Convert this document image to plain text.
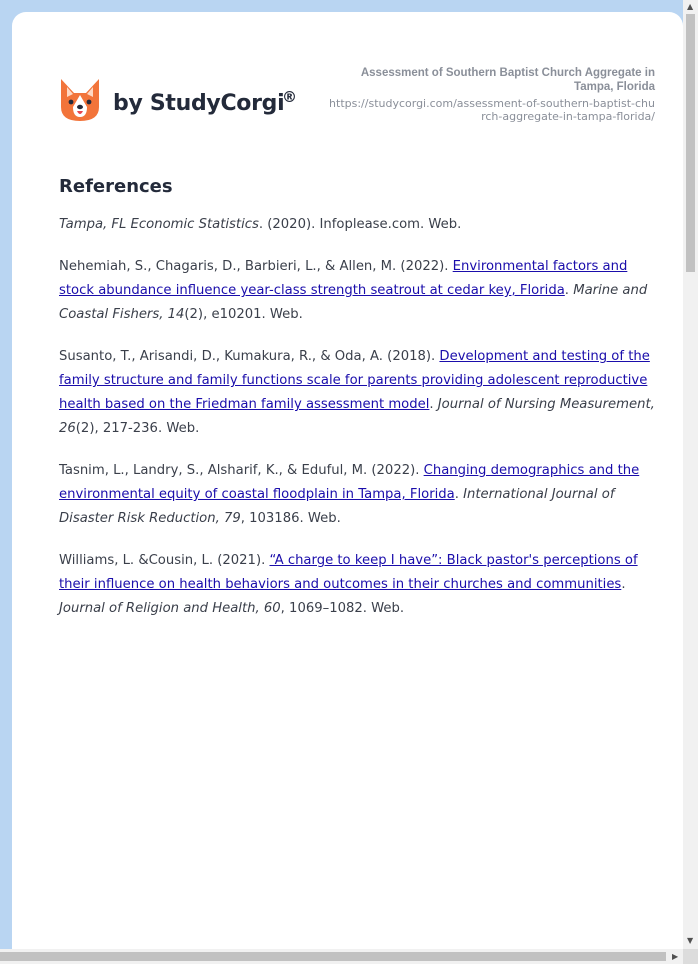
by StudyCorgi
®
Assessment of Southern Baptist Church Aggregate in Tampa, Florida
https://studycorgi.com/assessment-of-southern-baptist-church-aggregate-in-tampa-florida/
References

Tampa, FL Economic Statistics. (2020). Infoplease.com. Web.

Nehemiah, S., Chagaris, D., Barbieri, L., & Allen, M. (2022). Environmental factors and stock abundance influence year-class strength seatrout at cedar key, Florida. Marine and Coastal Fishers, 14(2), e10201. Web.

Susanto, T., Arisandi, D., Kumakura, R., & Oda, A. (2018). Development and testing of the family structure and family functions scale for parents providing adolescent reproductive health based on the Friedman family assessment model. Journal of Nursing Measurement, 26(2), 217-236. Web.

Tasnim, L., Landry, S., Alsharif, K., & Eduful, M. (2022). Changing demographics and the environmental equity of coastal floodplain in Tampa, Florida. International Journal of Disaster Risk Reduction, 79, 103186. Web.

Williams, L. &Cousin, L. (2021). “A charge to keep I have”: Black pastor's perceptions of their influence on health behaviors and outcomes in their churches and communities. Journal of Religion and Health, 60, 1069–1082. Web.

▲
▼
▶
